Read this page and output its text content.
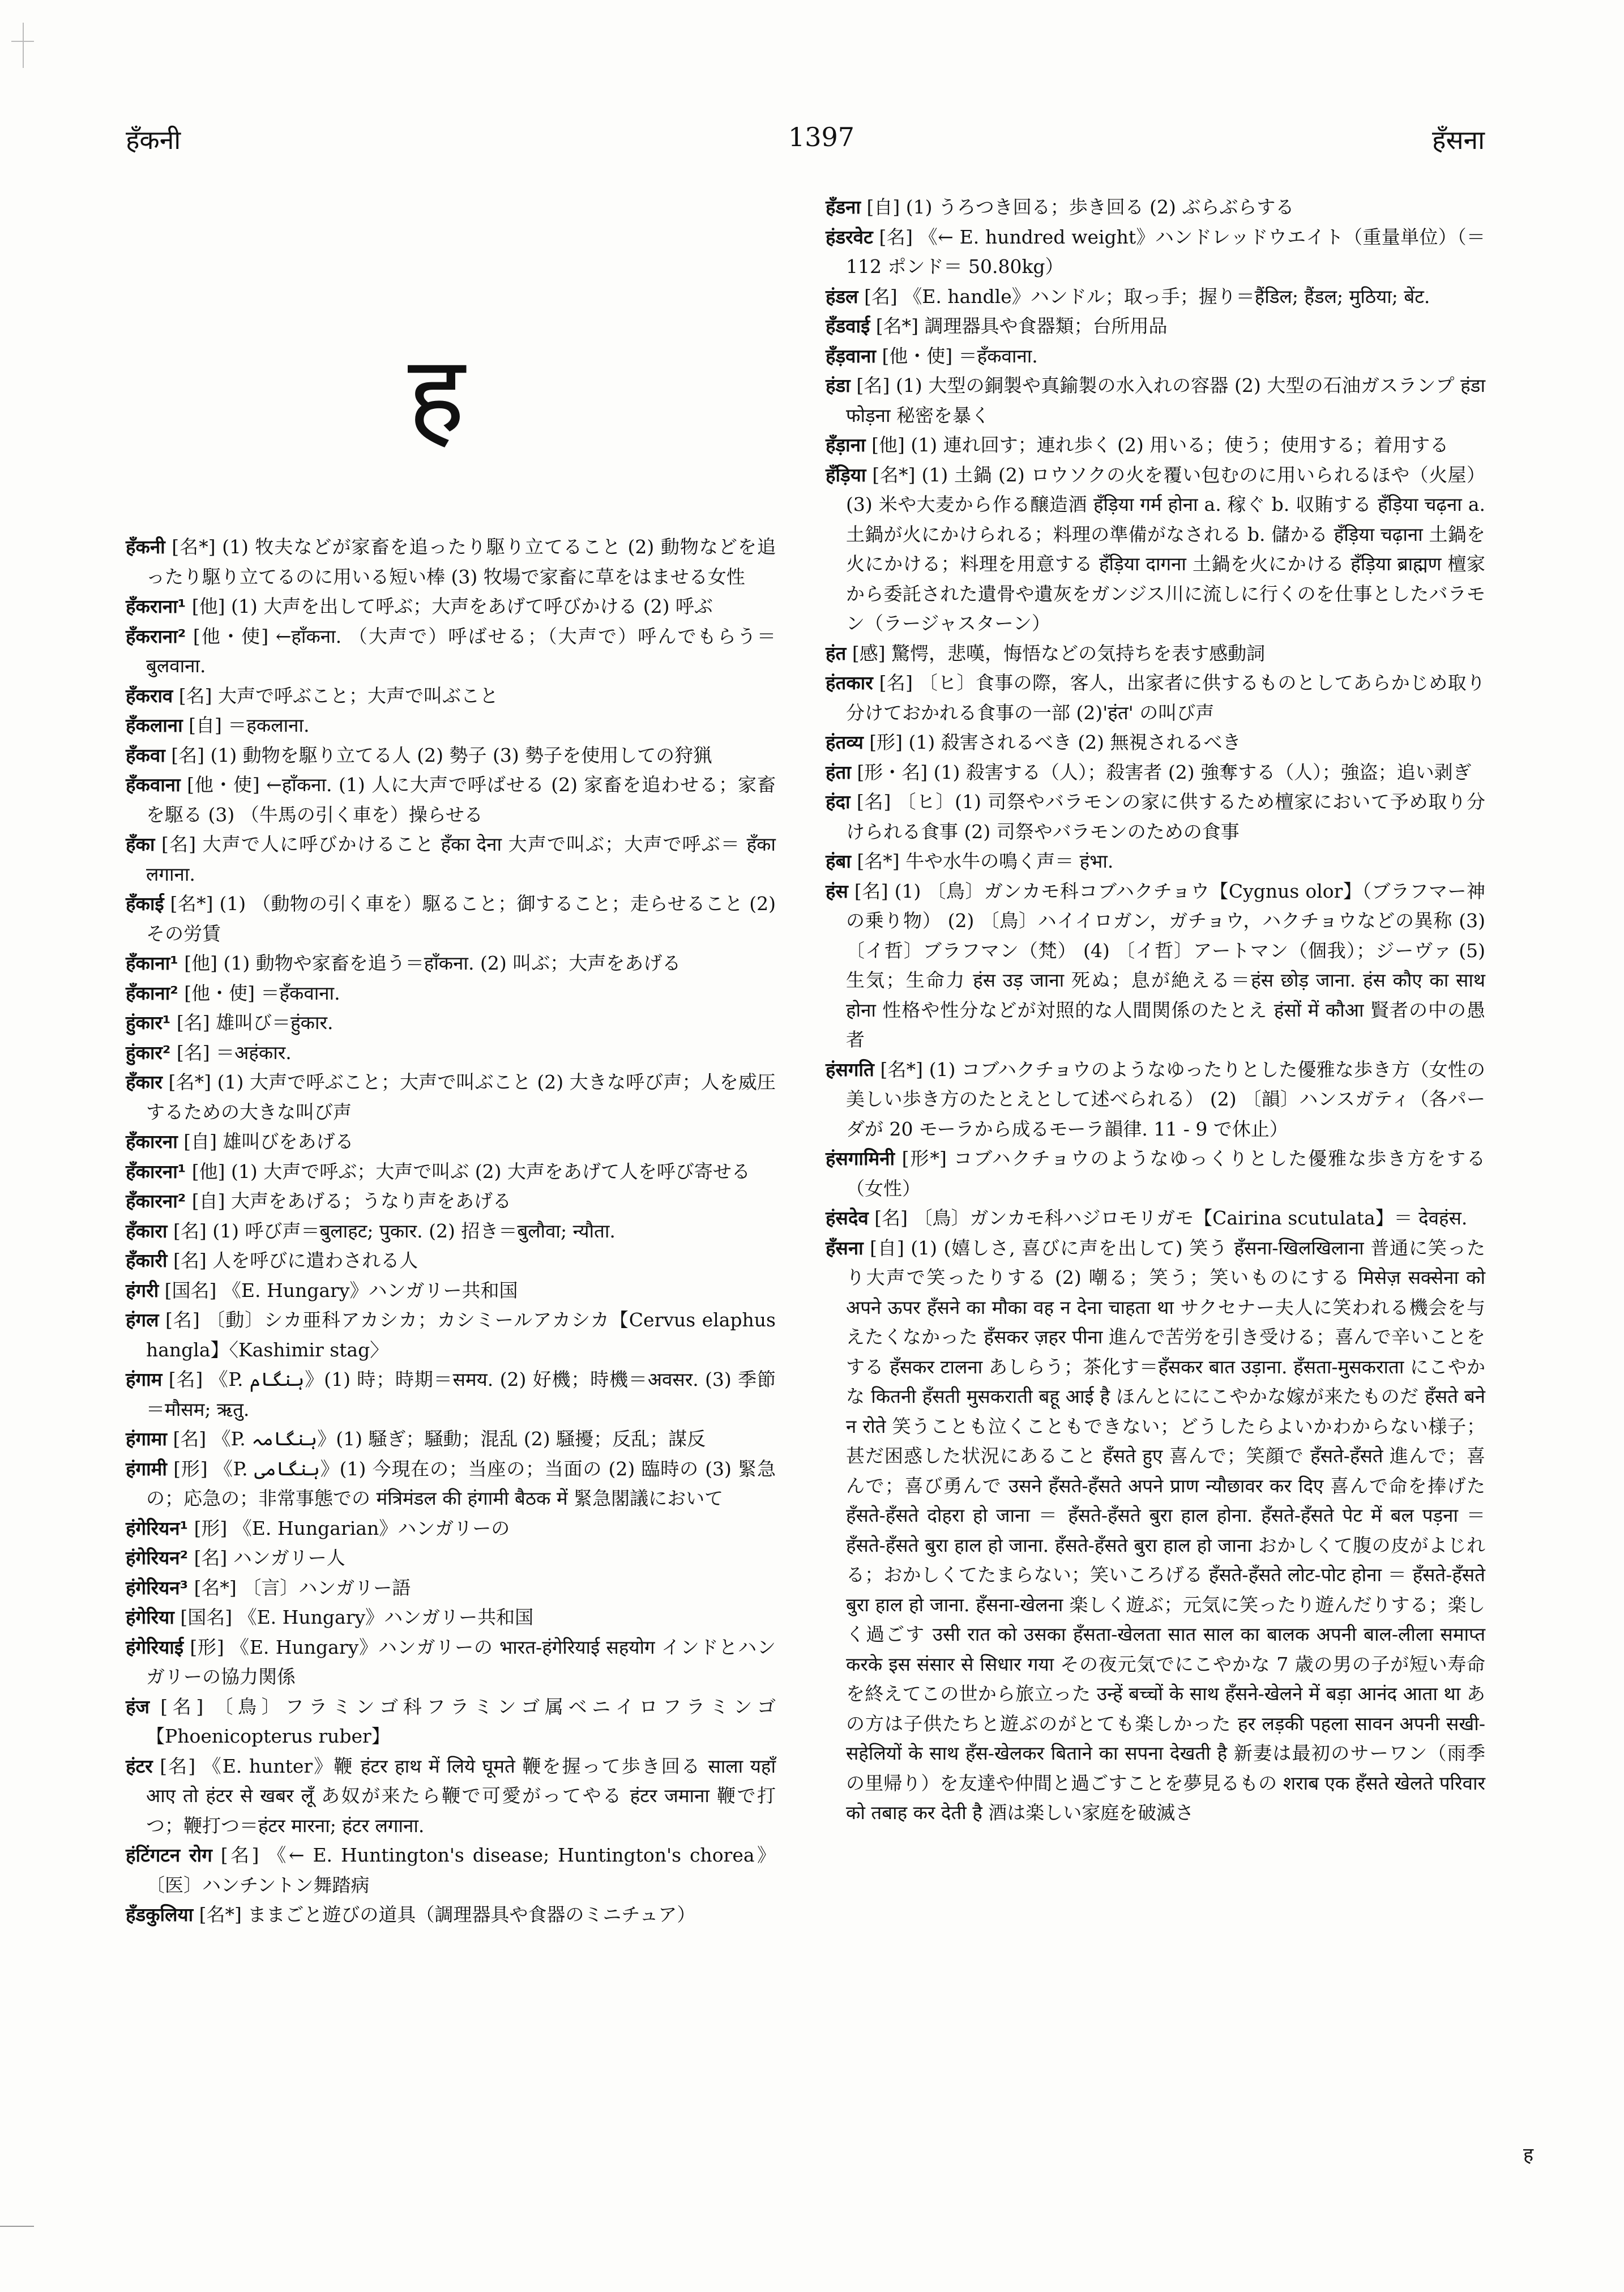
हँकनी	1397	हँसना
ह

हँकनी [名*] (1) 牧夫などが家畜を追ったり駆り立てること (2) 動物などを追ったり駆り立てるのに用いる短い棒 (3) 牧場で家畜に草をはませる女性

हँकराना¹ [他] (1) 大声を出して呼ぶ；大声をあげて呼びかける (2) 呼ぶ

हँकराना² [他・使] ←हाँकना. （大声で）呼ばせる；（大声で）呼んでもらう＝बुलवाना.

हँकराव [名] 大声で呼ぶこと；大声で叫ぶこと

हँकलाना [自] ＝हकलाना.

हँकवा [名] (1) 動物を駆り立てる人 (2) 勢子 (3) 勢子を使用しての狩猟

हँकवाना [他・使] ←हाँकना. (1) 人に大声で呼ばせる (2) 家畜を追わせる；家畜を駆る (3) （牛馬の引く車を）操らせる

हँका [名] 大声で人に呼びかけること हँका देना 大声で叫ぶ；大声で呼ぶ＝ हँका लगाना.

हँकाई [名*] (1) （動物の引く車を）駆ること；御すること；走らせること (2) その労賃

हँकाना¹ [他] (1) 動物や家畜を追う＝हाँकना. (2) 叫ぶ；大声をあげる

हँकाना² [他・使] ＝हँकवाना.

हुंकार¹ [名] 雄叫び＝हुंकार.

हुंकार² [名] ＝अहंकार.

हँकार [名*] (1) 大声で呼ぶこと；大声で叫ぶこと (2) 大きな呼び声；人を威圧するための大きな叫び声

हँकारना [自] 雄叫びをあげる

हँकारना¹ [他] (1) 大声で呼ぶ；大声で叫ぶ (2) 大声をあげて人を呼び寄せる

हँकारना² [自] 大声をあげる；うなり声をあげる

हँकारा [名] (1) 呼び声＝बुलाहट; पुकार. (2) 招き＝बुलौवा; न्यौता.

हँकारी [名] 人を呼びに遣わされる人

हंगरी [国名] 《E. Hungary》ハンガリー共和国

हंगल [名] 〔動〕シカ亜科アカシカ；カシミールアカシカ【Cervus elaphus hangla】〈Kashimir stag〉

हंगाम [名] 《P. ہنگام》(1) 時；時期＝समय. (2) 好機；時機＝अवसर. (3) 季節＝मौसम; ऋतु.

हंगामा [名] 《P. ہنگامہ》(1) 騒ぎ；騒動；混乱 (2) 騒擾；反乱；謀反

हंगामी [形] 《P. ہنگامی》(1) 今現在の；当座の；当面の (2) 臨時の (3) 緊急の；応急の；非常事態での मंत्रिमंडल की हंगामी बैठक में 緊急閣議において

हंगेरियन¹ [形] 《E. Hungarian》ハンガリーの

हंगेरियन² [名] ハンガリー人

हंगेरियन³ [名*] 〔言〕ハンガリー語

हंगेरिया [国名] 《E. Hungary》ハンガリー共和国

हंगेरियाई [形] 《E. Hungary》ハンガリーの भारत-हंगेरियाई सहयोग インドとハンガリーの協力関係

हंज [名] 〔鳥〕フラミンゴ科フラミンゴ属ベニイロフラミンゴ【Phoenicopterus ruber】

हंटर [名] 《E. hunter》鞭 हंटर हाथ में लिये घूमते 鞭を握って歩き回る साला यहाँ आए तो हंटर से खबर लूँ あ奴が来たら鞭で可愛がってやる हंटर जमाना 鞭で打つ；鞭打つ＝हंटर मारना; हंटर लगाना.

हंटिंगटन रोग [名] 《← E. Huntington's disease; Huntington's chorea》〔医〕ハンチントン舞踏病

हँडकुलिया [名*] ままごと遊びの道具（調理器具や食器のミニチュア）

हँडना [自] (1) うろつき回る；歩き回る (2) ぶらぶらする

हंडरवेट [名] 《← E. hundred weight》ハンドレッドウエイト（重量単位）（＝ 112 ポンド＝ 50.80kg）

हंडल [名] 《E. handle》ハンドル；取っ手；握り＝हैंडिल; हैंडल; मुठिया; बेंट.

हँडवाई [名*] 調理器具や食器類；台所用品

हँड़वाना [他・使] ＝हँकवाना.

हंडा [名] (1) 大型の銅製や真鍮製の水入れの容器 (2) 大型の石油ガスランプ हंडा फोड़ना 秘密を暴く

हँड़ाना [他] (1) 連れ回す；連れ歩く (2) 用いる；使う；使用する；着用する

हँड़िया [名*] (1) 土鍋 (2) ロウソクの火を覆い包むのに用いられるほや（火屋） (3) 米や大麦から作る醸造酒 हँड़िया गर्म होना a. 稼ぐ b. 収賄する हँड़िया चढ़ना a. 土鍋が火にかけられる；料理の準備がなされる b. 儲かる हँड़िया चढ़ाना 土鍋を火にかける；料理を用意する हँड़िया दागना 土鍋を火にかける हँड़िया ब्राह्मण 檀家から委託された遺骨や遺灰をガンジス川に流しに行くのを仕事としたバラモン（ラージャスターン）

हंत [感] 驚愕，悲嘆，悔悟などの気持ちを表す感動詞

हंतकार [名] 〔ヒ〕食事の際，客人，出家者に供するものとしてあらかじめ取り分けておかれる食事の一部 (2)'हंत' の叫び声

हंतव्य [形] (1) 殺害されるべき (2) 無視されるべき

हंता [形・名] (1) 殺害する（人）；殺害者 (2) 強奪する（人）；強盗；追い剥ぎ

हंदा [名] 〔ヒ〕(1) 司祭やバラモンの家に供するため檀家において予め取り分けられる食事 (2) 司祭やバラモンのための食事

हंबा [名*] 牛や水牛の鳴く声＝ हंभा.

हंस [名] (1) 〔鳥〕ガンカモ科コブハクチョウ【Cygnus olor】（ブラフマー神の乗り物） (2) 〔鳥〕ハイイロガン，ガチョウ，ハクチョウなどの異称 (3) 〔イ哲〕ブラフマン（梵） (4) 〔イ哲〕アートマン（個我）；ジーヴァ (5) 生気；生命力 हंस उड़ जाना 死ぬ；息が絶える＝हंस छोड़ जाना. हंस कौए का साथ होना 性格や性分などが対照的な人間関係のたとえ हंसों में कौआ 賢者の中の愚者

हंसगति [名*] (1) コブハクチョウのようなゆったりとした優雅な歩き方（女性の美しい歩き方のたとえとして述べられる） (2) 〔韻〕ハンスガティ（各パーダが 20 モーラから成るモーラ韻律. 11 - 9 で休止）

हंसगामिनी [形*] コブハクチョウのようなゆっくりとした優雅な歩き方をする（女性）

हंसदेव [名] 〔鳥〕ガンカモ科ハジロモリガモ【Cairina scutulata】＝ देवहंस.

हँसना [自] (1) (嬉しさ, 喜びに声を出して) 笑う हँसना-खिलखिलाना 普通に笑ったり大声で笑ったりする (2) 嘲る；笑う；笑いものにする मिसेज़ सक्सेना को अपने ऊपर हँसने का मौका वह न देना चाहता था サクセナー夫人に笑われる機会を与えたくなかった हँसकर ज़हर पीना 進んで苦労を引き受ける；喜んで辛いことをする हँसकर टालना あしらう；茶化す＝हँसकर बात उड़ाना. हँसता-मुसकराता にこやかな कितनी हँसती मुसकराती बहू आई है ほんとににこやかな嫁が来たものだ हँसते बने न रोते 笑うことも泣くこともできない；どうしたらよいかわからない様子；甚だ困惑した状況にあること हँसते हुए 喜んで；笑顔で हँसते-हँसते 進んで；喜んで；喜び勇んで उसने हँसते-हँसते अपने प्राण न्यौछावर कर दिए 喜んで命を捧げた हँसते-हँसते दोहरा हो जाना ＝ हँसते-हँसते बुरा हाल होना. हँसते-हँसते पेट में बल पड़ना ＝ हँसते-हँसते बुरा हाल हो जाना. हँसते-हँसते बुरा हाल हो जाना おかしくて腹の皮がよじれる；おかしくてたまらない；笑いころげる हँसते-हँसते लोट-पोट होना ＝ हँसते-हँसते बुरा हाल हो जाना. हँसना-खेलना 楽しく遊ぶ；元気に笑ったり遊んだりする；楽しく過ごす उसी रात को उसका हँसता-खेलता सात साल का बालक अपनी बाल-लीला समाप्त करके इस संसार से सिधार गया その夜元気でにこやかな 7 歳の男の子が短い寿命を終えてこの世から旅立った उन्हें बच्चों के साथ हँसने-खेलने में बड़ा आनंद आता था あの方は子供たちと遊ぶのがとても楽しかった हर लड़की पहला सावन अपनी सखी-सहेलियों के साथ हँस-खेलकर बिताने का सपना देखती है 新妻は最初のサーワン（雨季の里帰り）を友達や仲間と過ごすことを夢見るもの शराब एक हँसते खेलते परिवार को तबाह कर देती है 酒は楽しい家庭を破滅さ

ह
